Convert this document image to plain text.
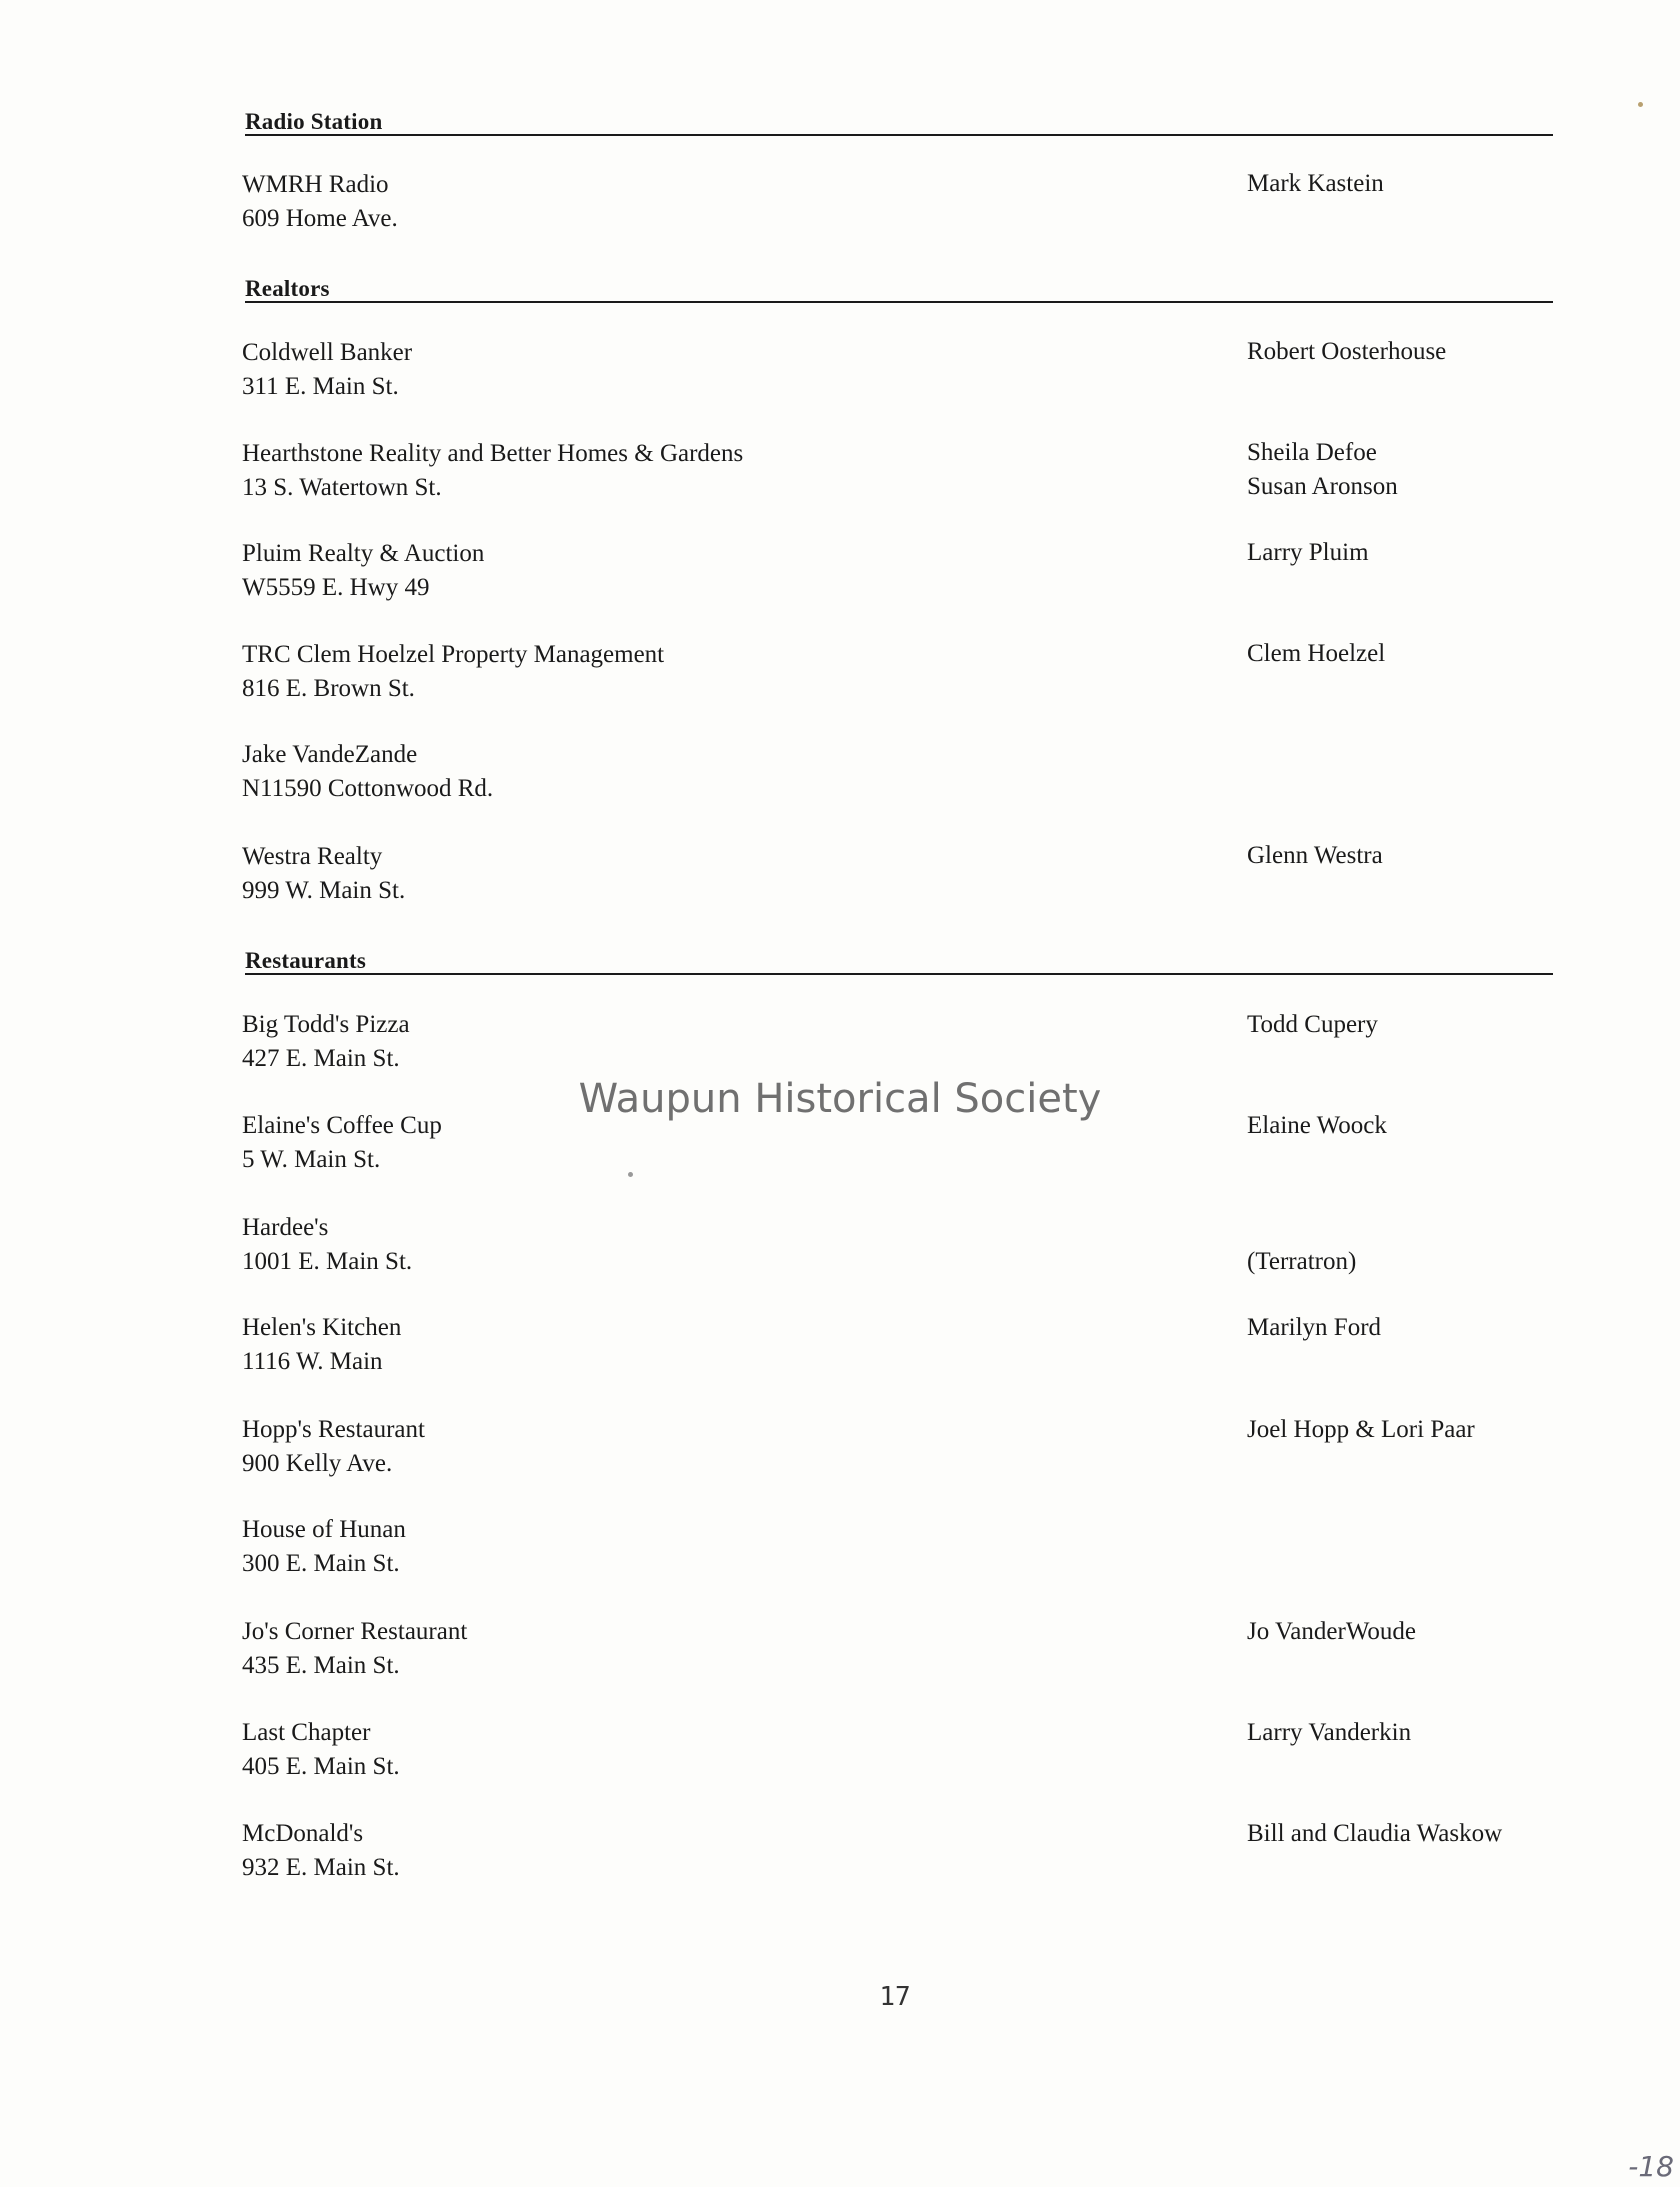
Radio Station
WMRH Radio
609 Home Ave.
Mark Kastein
Realtors
Coldwell Banker
311 E. Main St.
Robert Oosterhouse
Hearthstone Reality and Better Homes & Gardens
13 S. Watertown St.
Sheila Defoe
Susan Aronson
Pluim Realty & Auction
W5559 E. Hwy 49
Larry Pluim
TRC Clem Hoelzel Property Management
816 E. Brown St.
Clem Hoelzel
Jake VandeZande
N11590 Cottonwood Rd.
Westra Realty
999 W. Main St.
Glenn Westra
Restaurants
Big Todd's Pizza
427 E. Main St.
Todd Cupery
Elaine's Coffee Cup
5 W. Main St.
Elaine Woock
Hardee's
1001 E. Main St.	(Terratron)
Helen's Kitchen
1116 W. Main
Marilyn Ford
Hopp's Restaurant
900 Kelly Ave.
Joel Hopp & Lori Paar
House of Hunan
300 E. Main St.
Jo's Corner Restaurant
435 E. Main St.
Jo VanderWoude
Last Chapter
405 E. Main St.
Larry Vanderkin
McDonald's
932 E. Main St.
Bill and Claudia Waskow
Waupun Historical Society
17
-18
